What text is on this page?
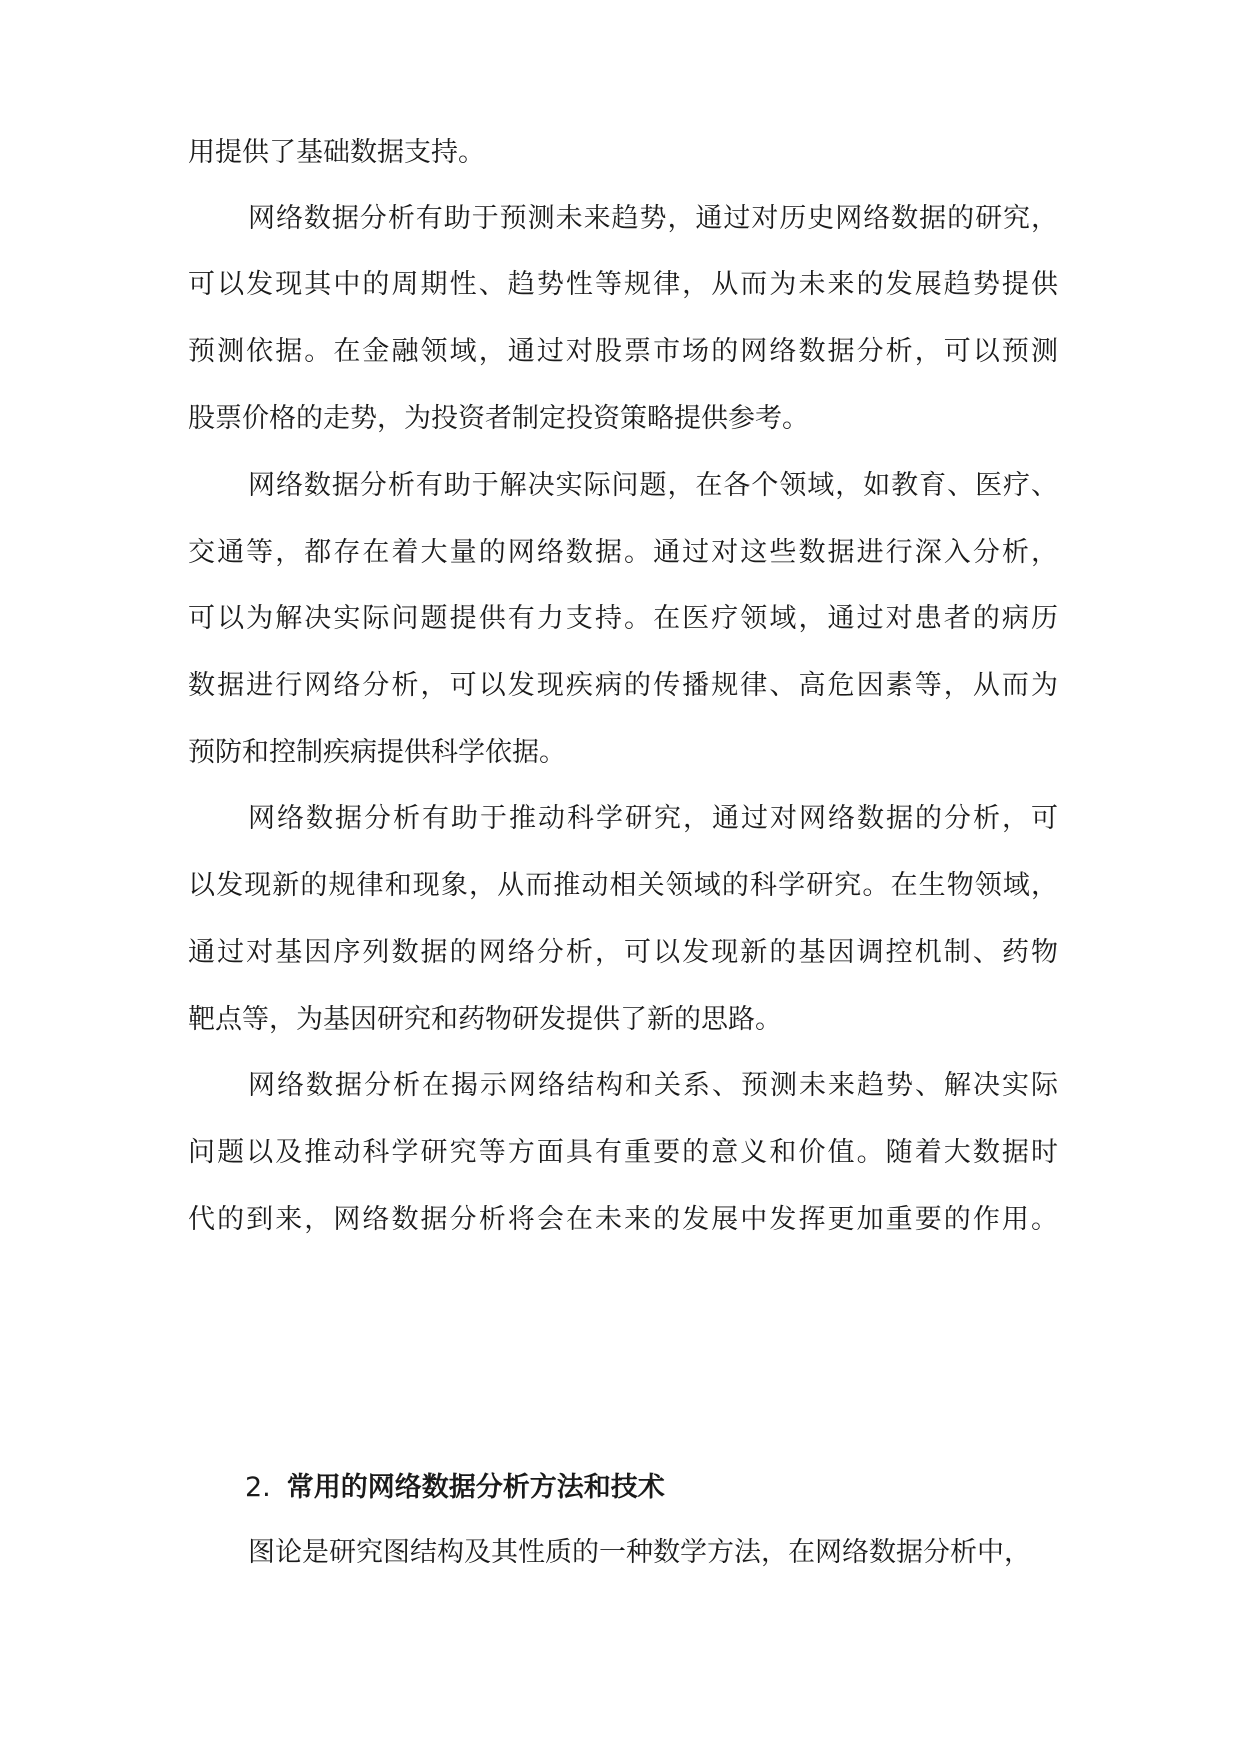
用提供了基础数据支持。
网络数据分析有助于预测未来趋势，通过对历史网络数据的研究，
可以发现其中的周期性、趋势性等规律，从而为未来的发展趋势提供
预测依据。在金融领域，通过对股票市场的网络数据分析，可以预测
股票价格的走势，为投资者制定投资策略提供参考。
网络数据分析有助于解决实际问题，在各个领域，如教育、医疗、
交通等，都存在着大量的网络数据。通过对这些数据进行深入分析，
可以为解决实际问题提供有力支持。在医疗领域，通过对患者的病历
数据进行网络分析，可以发现疾病的传播规律、高危因素等，从而为
预防和控制疾病提供科学依据。
网络数据分析有助于推动科学研究，通过对网络数据的分析，可
以发现新的规律和现象，从而推动相关领域的科学研究。在生物领域，
通过对基因序列数据的网络分析，可以发现新的基因调控机制、药物
靶点等，为基因研究和药物研发提供了新的思路。
网络数据分析在揭示网络结构和关系、预测未来趋势、解决实际
问题以及推动科学研究等方面具有重要的意义和价值。随着大数据时
代的到来，网络数据分析将会在未来的发展中发挥更加重要的作用。
2. 常用的网络数据分析方法和技术
图论是研究图结构及其性质的一种数学方法，在网络数据分析中，
